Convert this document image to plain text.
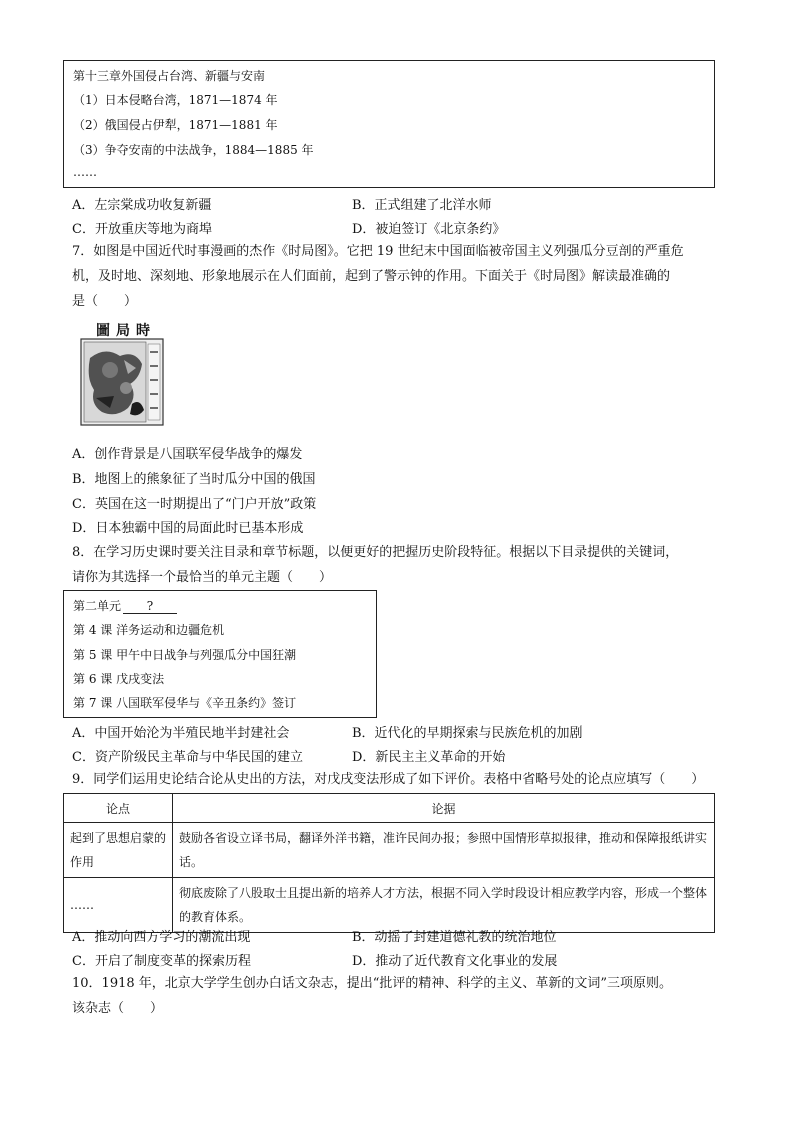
第十三章外国侵占台湾、新疆与安南
（1）日本侵略台湾，1871—1874 年
（2）俄国侵占伊犁，1871—1881 年
（3）争夺安南的中法战争，1884—1885 年
……
A．左宗棠成功收复新疆	B．正式组建了北洋水师
C．开放重庆等地为商埠	D．被迫签订《北京条约》
7．如图是中国近代时事漫画的杰作《时局图》。它把 19 世纪末中国面临被帝国主义列强瓜分豆剖的严重危
机，及时地、深刻地、形象地展示在人们面前，起到了警示钟的作用。下面关于《时局图》解读最准确的
是（　　）
圖局時
A．创作背景是八国联军侵华战争的爆发
B．地图上的熊象征了当时瓜分中国的俄国
C．英国在这一时期提出了“门户开放”政策
D．日本独霸中国的局面此时已基本形成
8．在学习历史课时要关注目录和章节标题，以便更好的把握历史阶段特征。根据以下目录提供的关键词，
请你为其选择一个最恰当的单元主题（　　）
第二单元 ?
第 4 课 洋务运动和边疆危机
第 5 课 甲午中日战争与列强瓜分中国狂潮
第 6 课 戊戌变法
第 7 课 八国联军侵华与《辛丑条约》签订
A．中国开始沦为半殖民地半封建社会	B．近代化的早期探索与民族危机的加剧
C．资产阶级民主革命与中华民国的建立	D．新民主主义革命的开始
9．同学们运用史论结合论从史出的方法，对戊戌变法形成了如下评价。表格中省略号处的论点应填写（　　）
论点	论据
起到了思想启蒙的作用	鼓励各省设立译书局，翻译外洋书籍，准许民间办报；参照中国情形草拟报律，推动和保障报纸讲实话。
……	彻底废除了八股取士且提出新的培养人才方法，根据不同入学时段设计相应教学内容，形成一个整体的教育体系。
A．推动向西方学习的潮流出现	B．动摇了封建道德礼教的统治地位
C．开启了制度变革的探索历程	D．推动了近代教育文化事业的发展
10．1918 年，北京大学学生创办白话文杂志，提出“批评的精神、科学的主义、革新的文词”三项原则。
该杂志（　　）
